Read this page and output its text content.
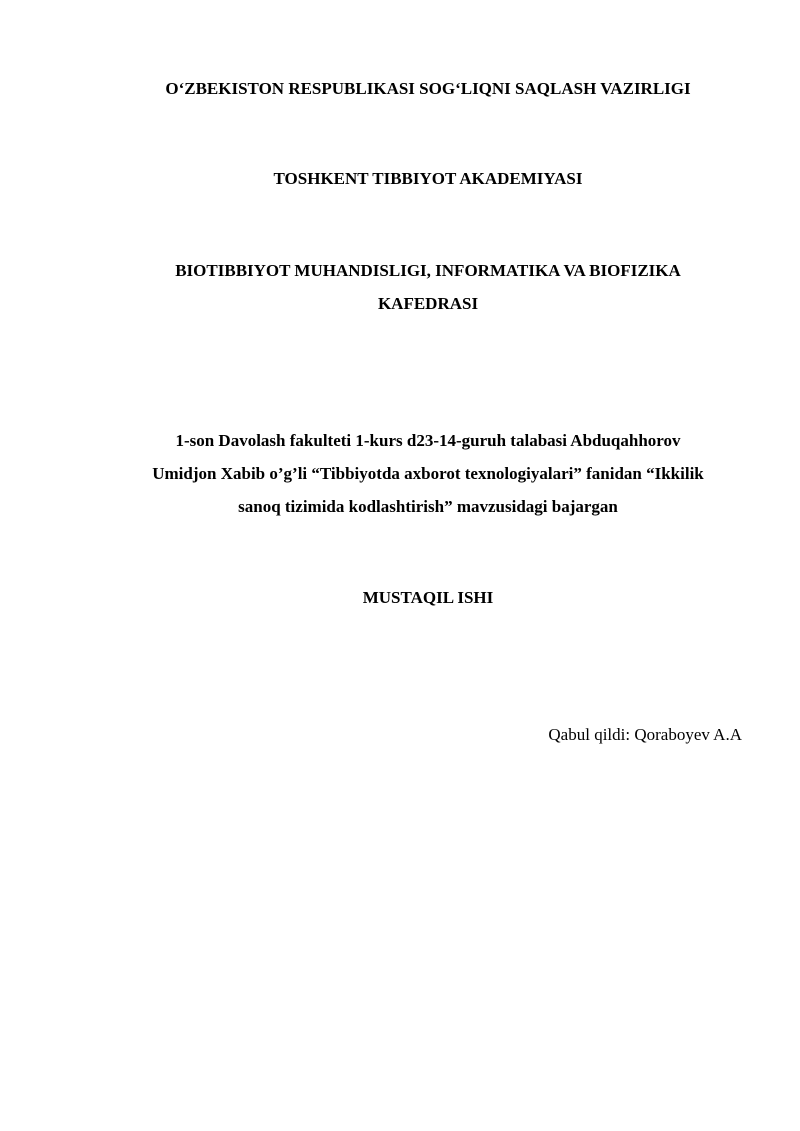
O‘ZBEKISTON RESPUBLIKASI SOG‘LIQNI SAQLASH VAZIRLIGI
TOSHKENT TIBBIYOT AKADEMIYASI
BIOTIBBIYOT MUHANDISLIGI, INFORMATIKA VA BIOFIZIKA
KAFEDRASI
1-son Davolash fakulteti 1-kurs d23-14-guruh talabasi Abduqahhorov
Umidjon Xabib o’g’li “Tibbiyotda axborot texnologiyalari” fanidan “Ikkilik
sanoq tizimida kodlashtirish” mavzusidagi bajargan
MUSTAQIL ISHI
Qabul qildi: Qoraboyev A.A
